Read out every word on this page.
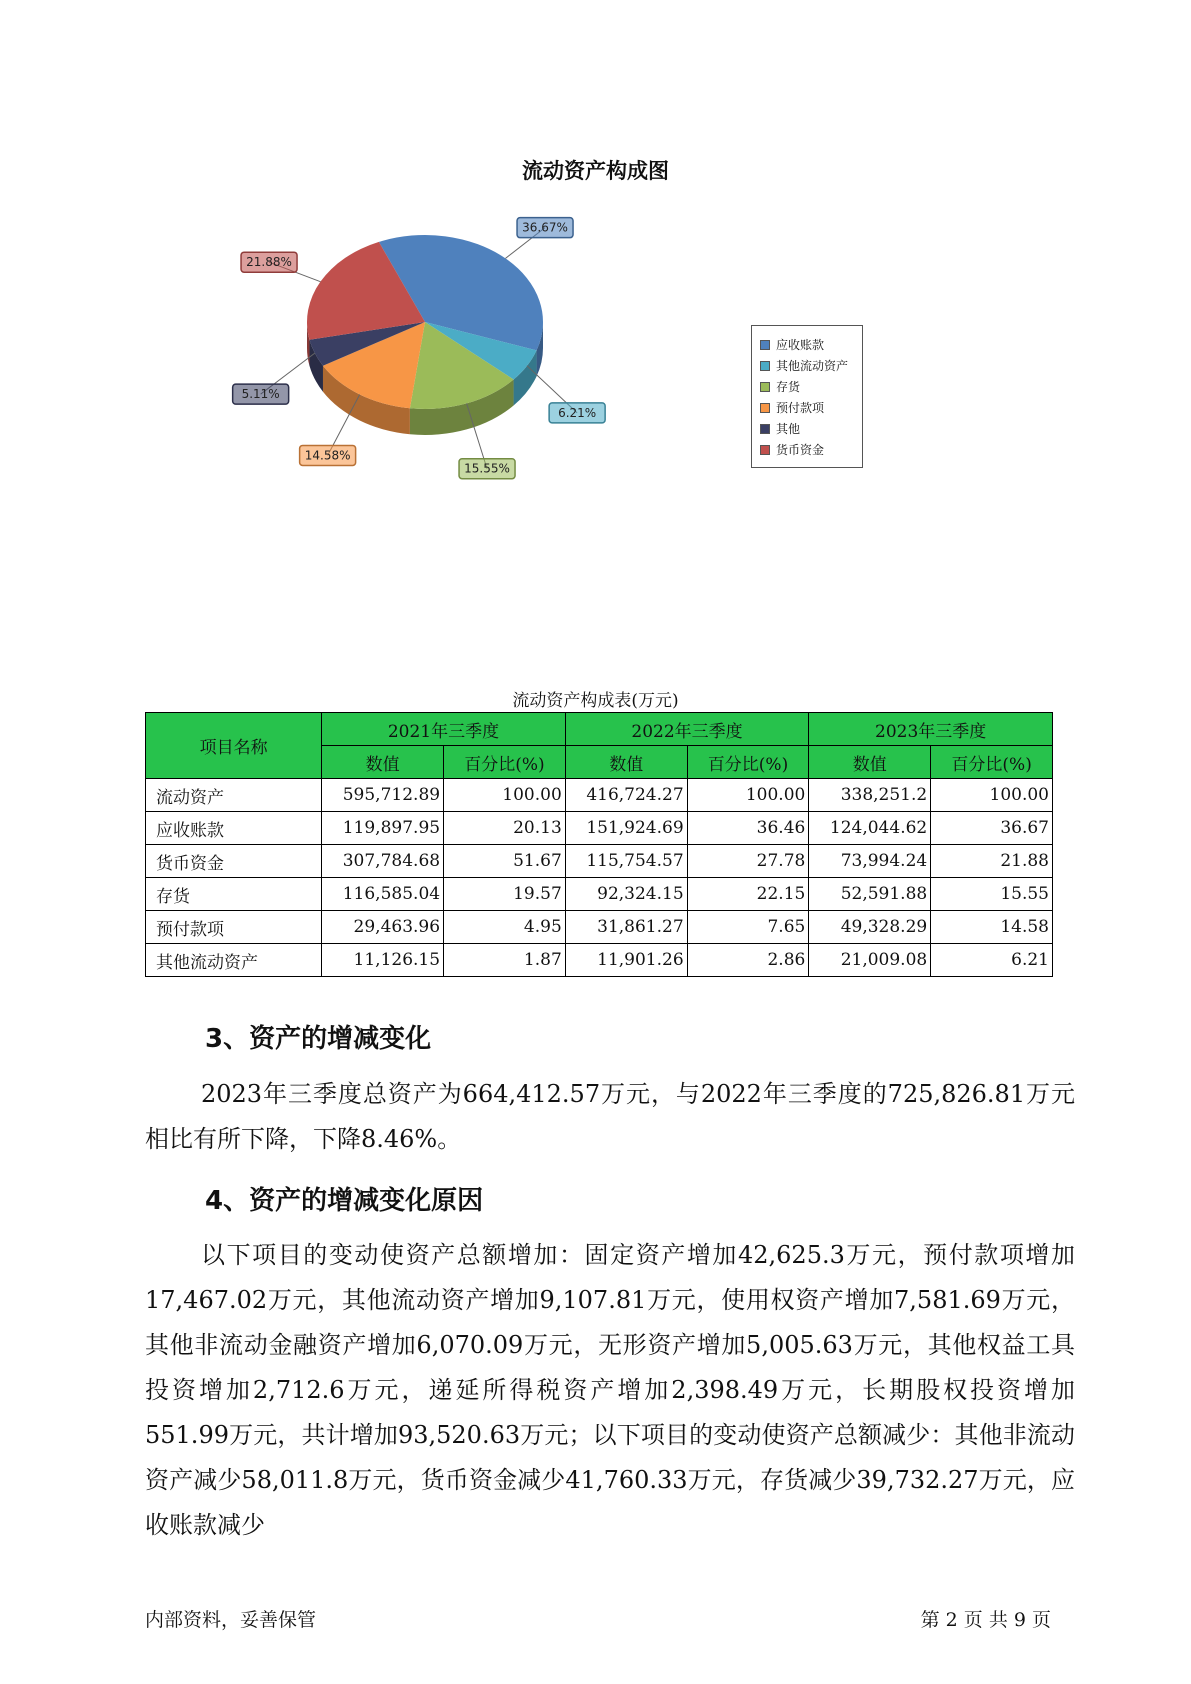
流动资产构成图
36.67%
6.21%
15.55%
14.58%
5.11%
21.88%
应收账款
其他流动资产
存货
预付款项
其他
货币资金
流动资产构成表(万元)
项目名称	2021年三季度		2022年三季度		2023年三季度	
	数值	百分比(%)	数值	百分比(%)	数值	百分比(%)
流动资产	595,712.89	100.00	416,724.27	100.00	338,251.2	100.00
应收账款	119,897.95	20.13	151,924.69	36.46	124,044.62	36.67
货币资金	307,784.68	51.67	115,754.57	27.78	73,994.24	21.88
存货	116,585.04	19.57	92,324.15	22.15	52,591.88	15.55
预付款项	29,463.96	4.95	31,861.27	7.65	49,328.29	14.58
其他流动资产	11,126.15	1.87	11,901.26	2.86	21,009.08	6.21
3、资产的增减变化

2023年三季度总资产为664,412.57万元，与2022年三季度的725,826.81万元相比有所下降，下降8.46%。

4、资产的增减变化原因

以下项目的变动使资产总额增加：固定资产增加42,625.3万元，预付款项增加17,467.02万元，其他流动资产增加9,107.81万元，使用权资产增加7,581.69万元，其他非流动金融资产增加6,070.09万元，无形资产增加5,005.63万元，其他权益工具投资增加2,712.6万元，递延所得税资产增加2,398.49万元，长期股权投资增加551.99万元，共计增加93,520.63万元；以下项目的变动使资产总额减少：其他非流动资产减少58,011.8万元，货币资金减少41,760.33万元，存货减少39,732.27万元，应收账款减少

内部资料，妥善保管	第 2 页 共 9 页
